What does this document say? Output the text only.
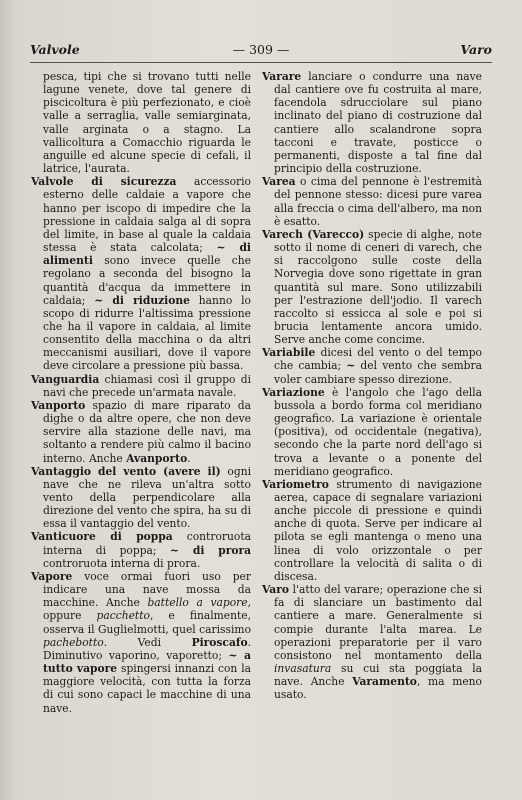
Valvole	— 309 —	Varo

pesca, tipi che si trovano tutti nelle lagune venete, dove tal genere di piscicoltura è più perfezionato, e cioè valle a serraglia, valle semiarginata, valle arginata o a stagno. La vallicoltura a Comacchio riguarda le anguille ed alcune specie di cefali, il latrice, l'aurata.

Valvole di sicurezza accessorio esterno delle caldaie a vapore che hanno per iscopo di impedire che la pressione in caldaia salga al di sopra del limite, in base al quale la caldaia stessa è stata calcolata; ~ di alimenti sono invece quelle che regolano a seconda del bisogno la quantità d'acqua da immettere in caldaia; ~ di riduzione hanno lo scopo di ridurre l'altissima pressione che ha il vapore in caldaia, al limite consentito della macchina o da altri meccanismi ausiliari, dove il vapore deve circolare a pressione più bassa.

Vanguardia chiamasi così il gruppo di navi che precede un'armata navale.

Vanporto spazio di mare riparato da dighe o da altre opere, che non deve servire alla stazione delle navi, ma soltanto a rendere più calmo il bacino interno. Anche Avanporto.

Vantaggio del vento (avere il) ogni nave che ne rileva un'altra sotto vento della perpendicolare alla direzione del vento che spira, ha su di essa il vantaggio del vento.

Vanticuore di poppa controruota interna di poppa; ~ di prora controruota interna di prora.

Vapore voce ormai fuori uso per indicare una nave mossa da macchine. Anche battello a vapore, oppure pacchetto, e finalmente, osserva il Guglielmotti, quel carissimo pachebotto. Vedi Piroscafo. Diminutivo vaporino, vaporetto; ~ a tutto vapore spingersi innanzi con la maggiore velocità, con tutta la forza di cui sono capaci le macchine di una nave.

Varare lanciare o condurre una nave dal cantiere ove fu costruita al mare, facendola sdrucciolare sul piano inclinato del piano di costruzione dal cantiere allo scalandrone sopra tacconi e travate, posticce o permanenti, disposte a tal fine dal principio della costruzione.

Varea o cima del pennone è l'estremità del pennone stesso: dicesi pure varea alla freccia o cima dell'albero, ma non è esatto.

Varech (Varecco) specie di alghe, note sotto il nome di ceneri di varech, che si raccolgono sulle coste della Norvegia dove sono rigettate in gran quantità sul mare. Sono utilizzabili per l'estrazione dell'jodio. Il varech raccolto si essicca al sole e poi si brucia lentamente ancora umido. Serve anche come concime.

Variabile dicesi del vento o del tempo che cambia; ~ del vento che sembra voler cambiare spesso direzione.

Variazione è l'angolo che l'ago della bussola a bordo forma col meridiano geografico. La variazione è orientale (positiva), od occidentale (negativa), secondo che la parte nord dell'ago si trova a levante o a ponente del meridiano geografico.

Variometro strumento di navigazione aerea, capace di segnalare variazioni anche piccole di pressione e quindi anche di quota. Serve per indicare al pilota se egli mantenga o meno una linea di volo orizzontale o per controllare la velocità di salita o di discesa.

Varo l'atto del varare; operazione che si fa di slanciare un bastimento dal cantiere a mare. Generalmente si compie durante l'alta marea. Le operazioni preparatorie per il varo consistono nel montamento della invasatura su cui sta poggiata la nave. Anche Varamento, ma meno usato.
